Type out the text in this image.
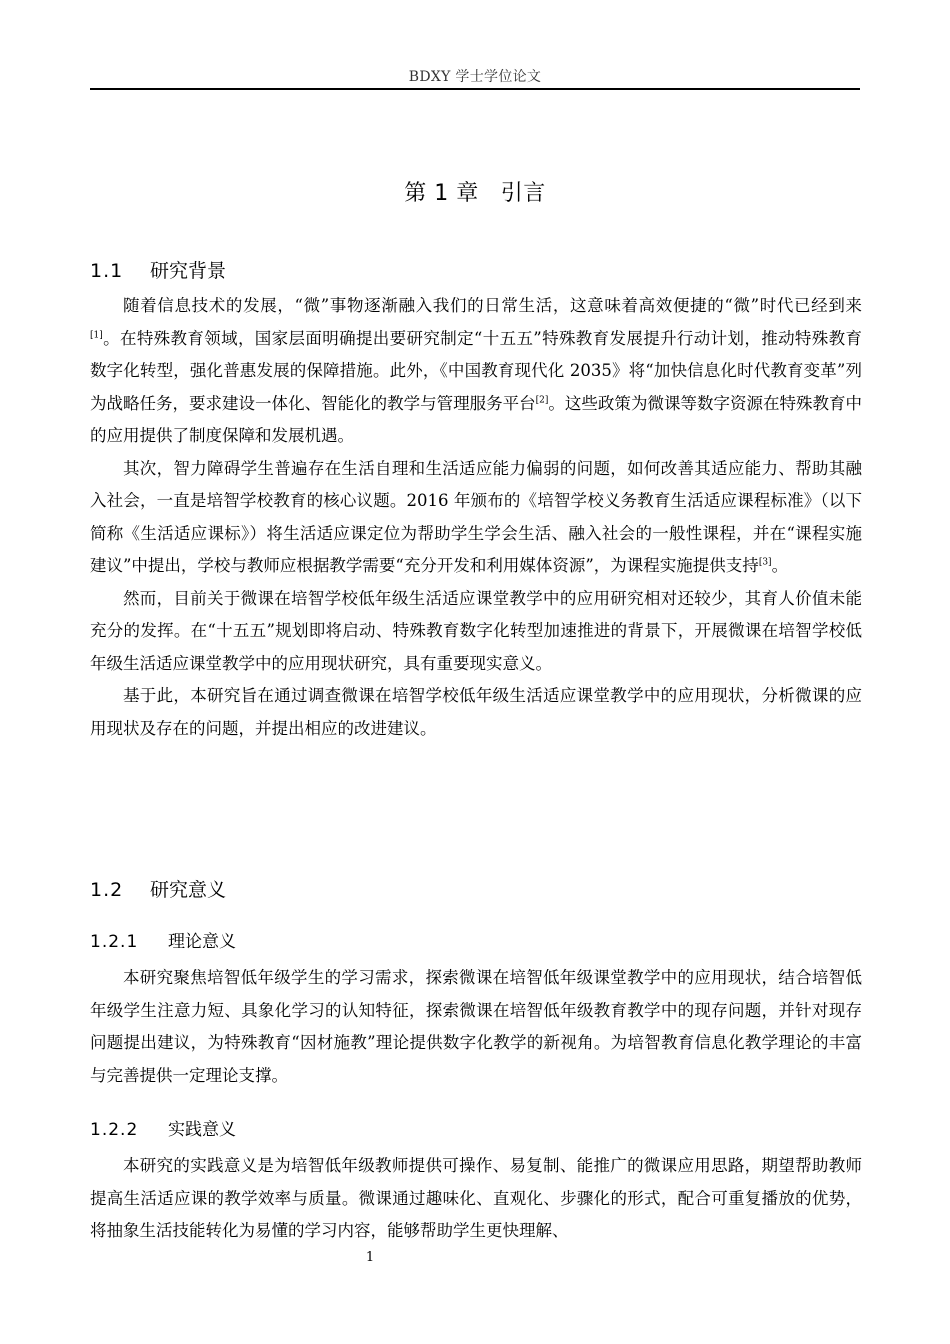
BDXY 学士学位论文
第 1 章 引言
1.1 研究背景

随着信息技术的发展，“微”事物逐渐融入我们的日常生活，这意味着高效便捷的“微”时代已经到来[1]。在特殊教育领域，国家层面明确提出要研究制定“十五五”特殊教育发展提升行动计划，推动特殊教育数字化转型，强化普惠发展的保障措施。此外，《中国教育现代化 2035》将“加快信息化时代教育变革”列为战略任务，要求建设一体化、智能化的教学与管理服务平台[2]。这些政策为微课等数字资源在特殊教育中的应用提供了制度保障和发展机遇。

其次，智力障碍学生普遍存在生活自理和生活适应能力偏弱的问题，如何改善其适应能力、帮助其融入社会，一直是培智学校教育的核心议题。2016 年颁布的《培智学校义务教育生活适应课程标准》（以下简称《生活适应课标》）将生活适应课定位为帮助学生学会生活、融入社会的一般性课程，并在“课程实施建议”中提出，学校与教师应根据教学需要“充分开发和利用媒体资源”，为课程实施提供支持[3]。

然而，目前关于微课在培智学校低年级生活适应课堂教学中的应用研究相对还较少，其育人价值未能充分的发挥。在“十五五”规划即将启动、特殊教育数字化转型加速推进的背景下，开展微课在培智学校低年级生活适应课堂教学中的应用现状研究，具有重要现实意义。

基于此，本研究旨在通过调查微课在培智学校低年级生活适应课堂教学中的应用现状，分析微课的应用现状及存在的问题，并提出相应的改进建议。

1.2 研究意义
1.2.1 理论意义

本研究聚焦培智低年级学生的学习需求，探索微课在培智低年级课堂教学中的应用现状，结合培智低年级学生注意力短、具象化学习的认知特征，探索微课在培智低年级教育教学中的现存问题，并针对现存问题提出建议，为特殊教育“因材施教”理论提供数字化教学的新视角。为培智教育信息化教学理论的丰富与完善提供一定理论支撑。

1.2.2 实践意义

本研究的实践意义是为培智低年级教师提供可操作、易复制、能推广的微课应用思路，期望帮助教师提高生活适应课的教学效率与质量。微课通过趣味化、直观化、步骤化的形式，配合可重复播放的优势，将抽象生活技能转化为易懂的学习内容，能够帮助学生更快理解、

1
